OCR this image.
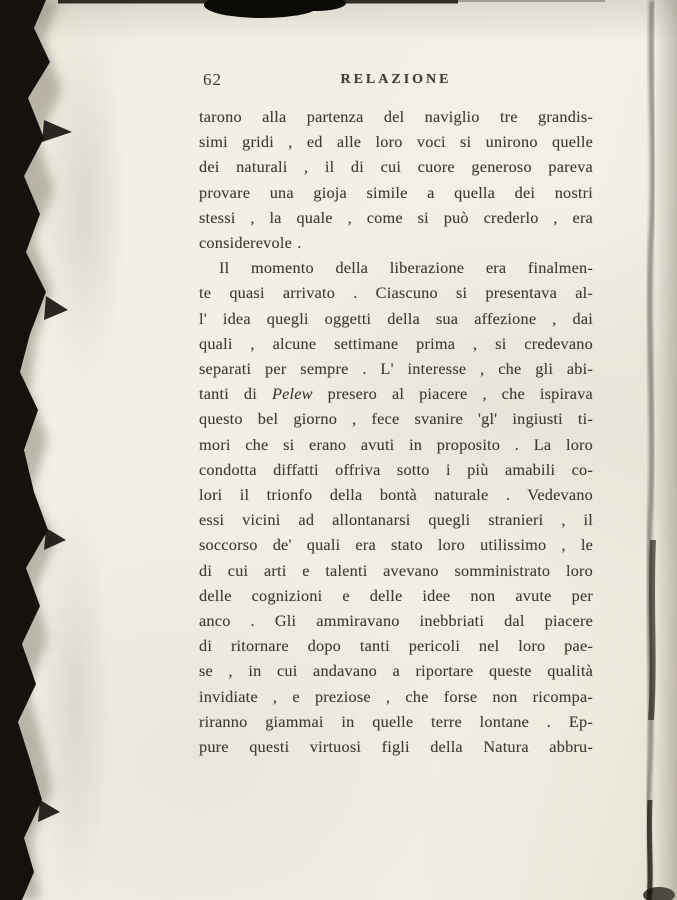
62	RELAZIONE
tarono alla partenza del naviglio tre grandis-
simi gridi , ed alle loro voci si unirono quelle
dei naturali , il di cui cuore generoso pareva
provare una gioja simile a quella dei nostri
stessi , la quale , come si può crederlo , era
considerevole .
Il momento della liberazione era finalmen-
te quasi arrivato . Ciascuno si presentava al-
l' idea quegli oggetti della sua affezione , dai
quali , alcune settimane prima , si credevano
separati per sempre . L' interesse , che gli abi-
tanti di Pelew presero al piacere , che ispirava
questo bel giorno , fece svanire 'gl' ingiusti ti-
mori che si erano avuti in proposito . La loro
condotta diffatti offriva sotto i più amabili co-
lori il trionfo della bontà naturale . Vedevano
essi vicini ad allontanarsi quegli stranieri , il
soccorso de' quali era stato loro utilissimo , le
di cui arti e talenti avevano somministrato loro
delle cognizioni e delle idee non avute per
anco . Gli ammiravano inebbriati dal piacere
di ritornare dopo tanti pericoli nel loro pae-
se , in cui andavano a riportare queste qualità
invidiate , e preziose , che forse non ricompa-
riranno giammai in quelle terre lontane . Ep-
pure questi virtuosi figli della Natura abbru-
